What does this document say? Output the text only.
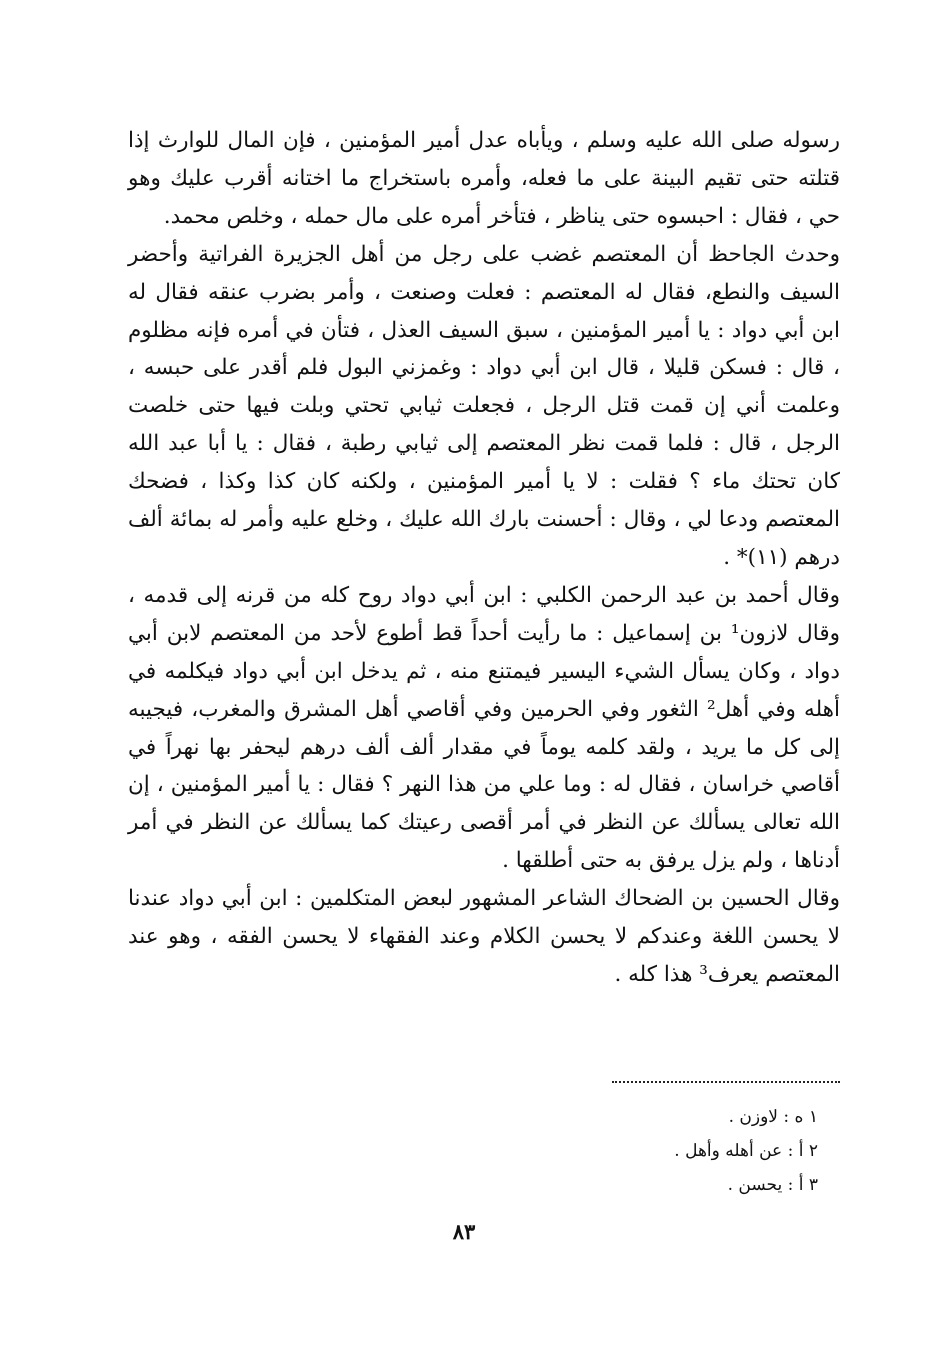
رسوله صلى الله عليه وسلم ، ويأباه عدل أمير المؤمنين ، فإن المال للوارث إذا قتلته حتى تقيم البينة على ما فعله، وأمره باستخراج ما اختانه أقرب عليك وهو حي ، فقال : احبسوه حتى يناظر ، فتأخر أمره على مال حمله ، وخلص محمد.

وحدث الجاحظ أن المعتصم غضب على رجل من أهل الجزيرة الفراتية وأحضر السيف والنطع، فقال له المعتصم : فعلت وصنعت ، وأمر بضرب عنقه فقال له ابن أبي دواد : يا أمير المؤمنين ، سبق السيف العذل ، فتأن في أمره فإنه مظلوم ، قال : فسكن قليلا ، قال ابن أبي دواد : وغمزني البول فلم أقدر على حبسه ، وعلمت أني إن قمت قتل الرجل ، فجعلت ثيابي تحتي وبلت فيها حتى خلصت الرجل ، قال : فلما قمت نظر المعتصم إلى ثيابي رطبة ، فقال : يا أبا عبد الله كان تحتك ماء ؟ فقلت : لا يا أمير المؤمنين ، ولكنه كان كذا وكذا ، فضحك المعتصم ودعا لي ، وقال : أحسنت بارك الله عليك ، وخلع عليه وأمر له بمائة ألف درهم (١١)* .

وقال أحمد بن عبد الرحمن الكلبي : ابن أبي دواد روح كله من قرنه إلى قدمه ، وقال لازون¹ بن إسماعيل : ما رأيت أحداً قط أطوع لأحد من المعتصم لابن أبي دواد ، وكان يسأل الشيء اليسير فيمتنع منه ، ثم يدخل ابن أبي دواد فيكلمه في أهله وفي أهل² الثغور وفي الحرمين وفي أقاصي أهل المشرق والمغرب، فيجيبه إلى كل ما يريد ، ولقد كلمه يوماً في مقدار ألف ألف درهم ليحفر بها نهراً في أقاصي خراسان ، فقال له : وما علي من هذا النهر ؟ فقال : يا أمير المؤمنين ، إن الله تعالى يسألك عن النظر في أمر أقصى رعيتك كما يسألك عن النظر في أمر أدناها ، ولم يزل يرفق به حتى أطلقها .

وقال الحسين بن الضحاك الشاعر المشهور لبعض المتكلمين : ابن أبي دواد عندنا لا يحسن اللغة وعندكم لا يحسن الكلام وعند الفقهاء لا يحسن الفقه ، وهو عند المعتصم يعرف³ هذا كله .

١ ه : لاوزن .

٢ أ : عن أهله وأهل .

٣ أ : يحسن .

٨٣
